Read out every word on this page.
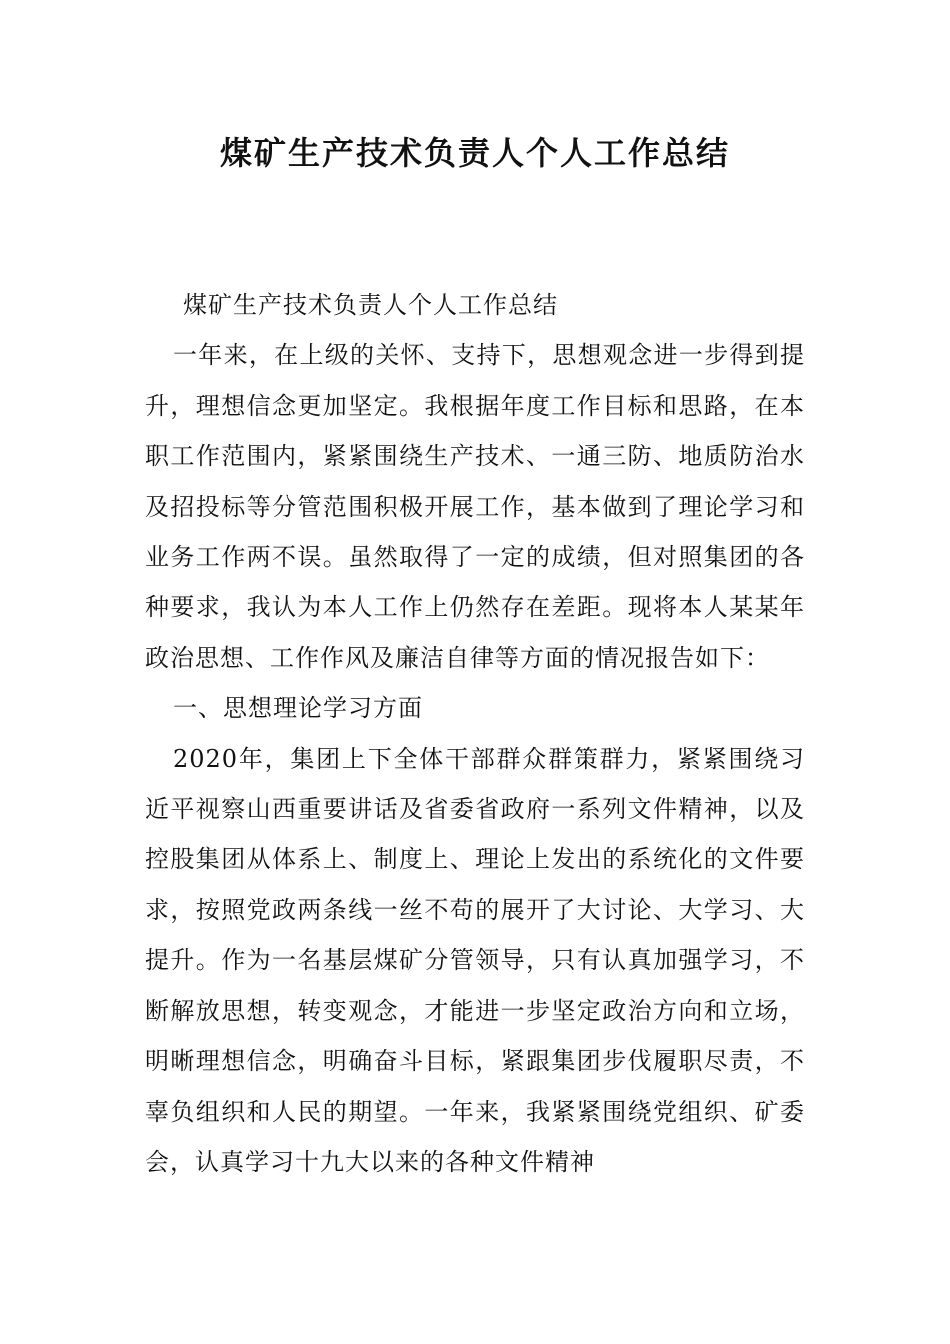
煤矿生产技术负责人个人工作总结

煤矿生产技术负责人个人工作总结

一年来，在上级的关怀、支持下，思想观念进一步得到提升，理想信念更加坚定。我根据年度工作目标和思路，在本职工作范围内，紧紧围绕生产技术、一通三防、地质防治水及招投标等分管范围积极开展工作，基本做到了理论学习和业务工作两不误。虽然取得了一定的成绩，但对照集团的各种要求，我认为本人工作上仍然存在差距。现将本人某某年政治思想、工作作风及廉洁自律等方面的情况报告如下：

一、思想理论学习方面

2020年，集团上下全体干部群众群策群力，紧紧围绕习近平视察山西重要讲话及省委省政府一系列文件精神，以及控股集团从体系上、制度上、理论上发出的系统化的文件要求，按照党政两条线一丝不苟的展开了大讨论、大学习、大提升。作为一名基层煤矿分管领导，只有认真加强学习，不断解放思想，转变观念，才能进一步坚定政治方向和立场，明晰理想信念，明确奋斗目标，紧跟集团步伐履职尽责，不辜负组织和人民的期望。一年来，我紧紧围绕党组织、矿委会，认真学习十九大以来的各种文件精神
